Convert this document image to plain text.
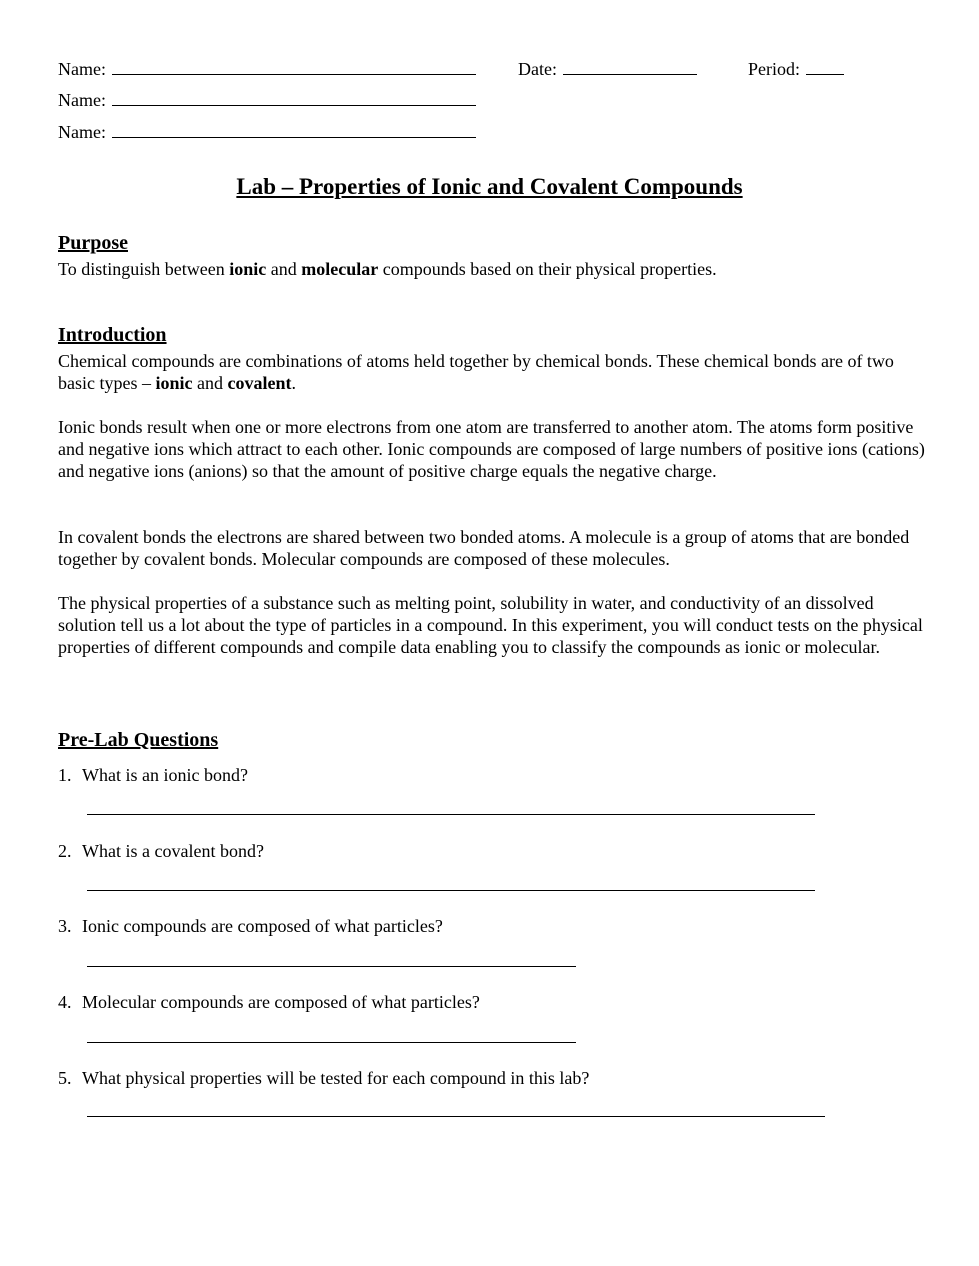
Name:	Date:	Period:
Name:
Name:
Lab – Properties of Ionic and Covalent Compounds
Purpose
To distinguish between ionic and molecular compounds based on their physical properties.
Introduction
Chemical compounds are combinations of atoms held together by chemical bonds. These chemical bonds are of two basic types – ionic and covalent.
Ionic bonds result when one or more electrons from one atom are transferred to another atom. The atoms form positive and negative ions which attract to each other. Ionic compounds are composed of large numbers of positive ions (cations) and negative ions (anions) so that the amount of positive charge equals the negative charge.
In covalent bonds the electrons are shared between two bonded atoms. A molecule is a group of atoms that are bonded together by covalent bonds. Molecular compounds are composed of these molecules.
The physical properties of a substance such as melting point, solubility in water, and conductivity of an dissolved solution tell us a lot about the type of particles in a compound. In this experiment, you will conduct tests on the physical properties of different compounds and compile data enabling you to classify the compounds as ionic or molecular.
Pre-Lab Questions
1. What is an ionic bond?
2. What is a covalent bond?
3. Ionic compounds are composed of what particles?
4. Molecular compounds are composed of what particles?
5. What physical properties will be tested for each compound in this lab?
